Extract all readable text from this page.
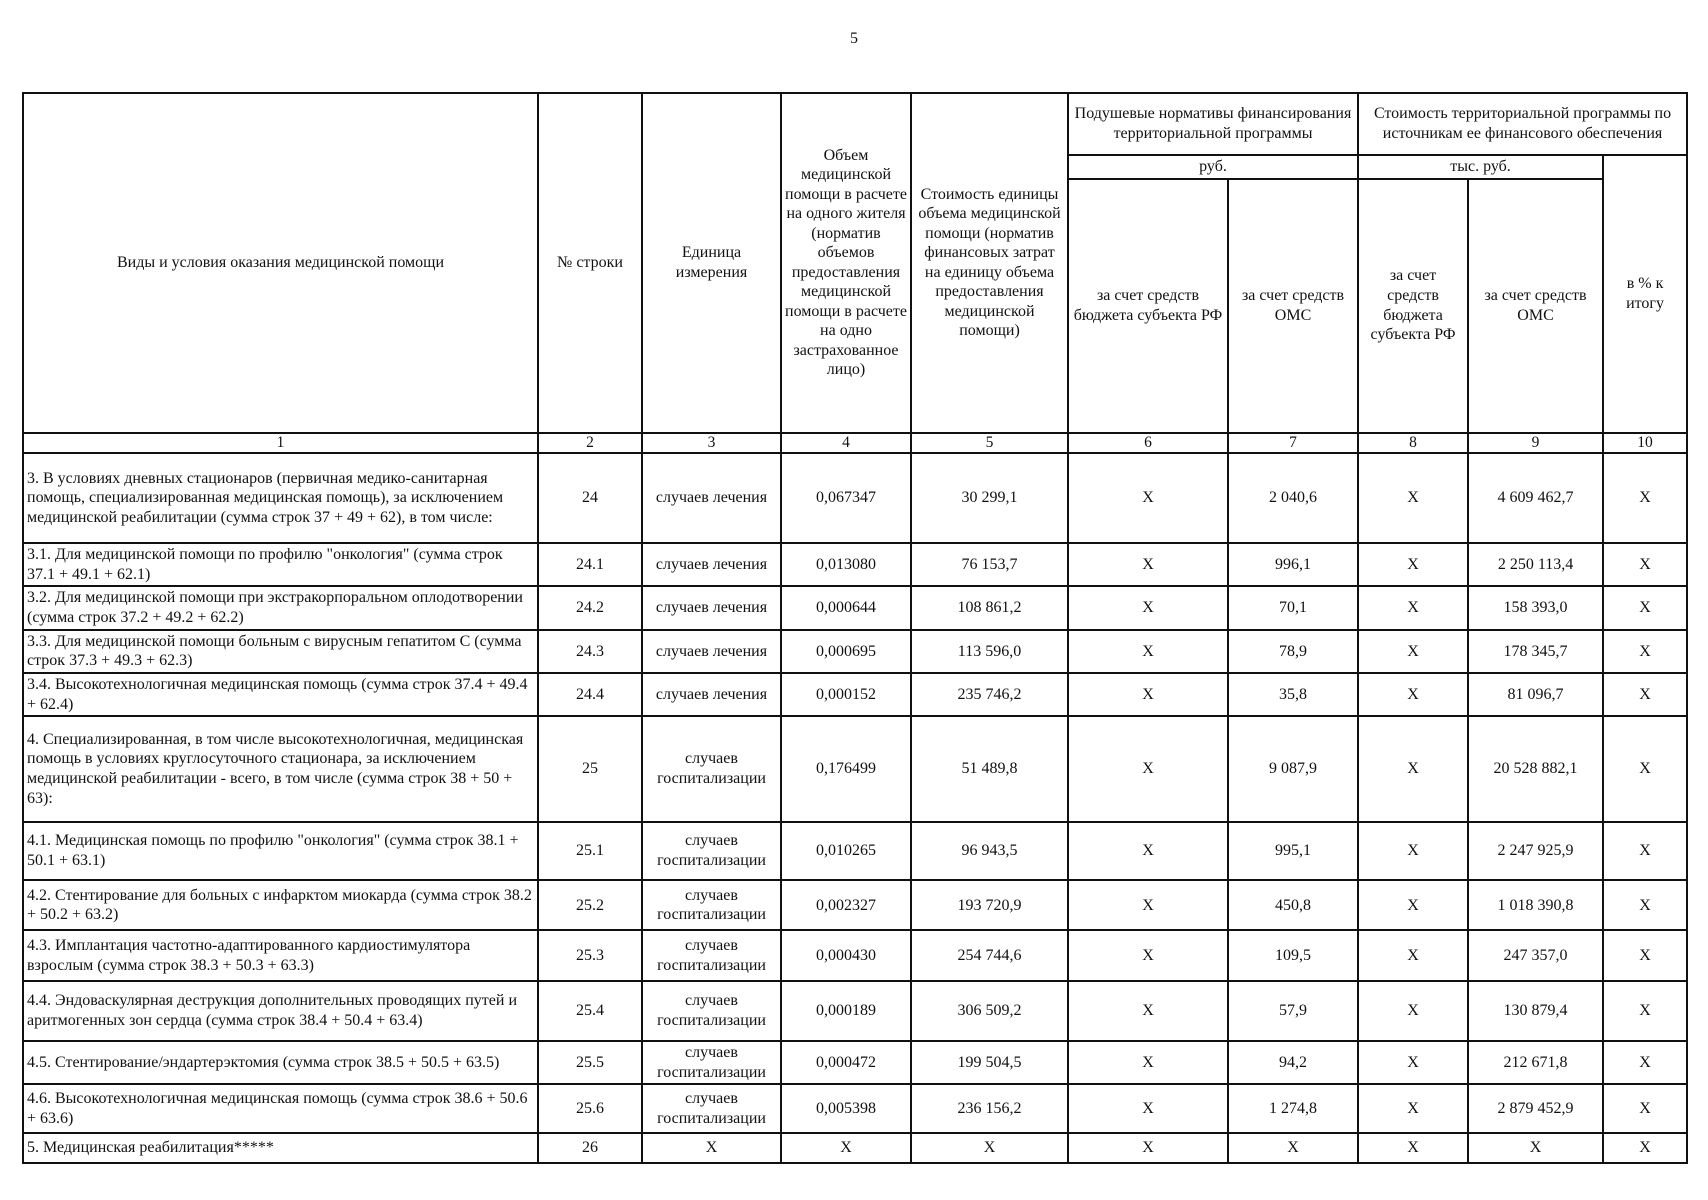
5
Виды и условия оказания медицинской помощи	№ строки	Единица измерения	Объем медицинской помощи в расчете на одного жителя (норматив объемов предоставления медицинской помощи в расчете на одно застрахованное лицо)	Стоимость единицы объема медицинской помощи (норматив финансовых затрат на единицу объема предоставления медицинской помощи)	Подушевые нормативы финансирования территориальной программы		Стоимость территориальной программы по источникам ее финансового обеспечения		
					руб.		тыс. руб.		в % к итогу
					за счет средств бюджета субъекта РФ	за счет средств ОМС	за счет средств бюджета субъекта РФ	за счет средств ОМС	
1	2	3	4	5	6	7	8	9	10
3. В условиях дневных стационаров (первичная медико-санитарная помощь, специализированная медицинская помощь), за исключением медицинской реабилитации (сумма строк 37 + 49 + 62), в том числе:	24	случаев лечения	0,067347	30 299,1	X	2 040,6	X	4 609 462,7	X
3.1. Для медицинской помощи по профилю "онкология" (сумма строк 37.1 + 49.1 + 62.1)	24.1	случаев лечения	0,013080	76 153,7	X	996,1	X	2 250 113,4	X
3.2. Для медицинской помощи при экстракорпоральном оплодотворении (сумма строк 37.2 + 49.2 + 62.2)	24.2	случаев лечения	0,000644	108 861,2	X	70,1	X	158 393,0	X
3.3. Для медицинской помощи больным с вирусным гепатитом С (сумма строк 37.3 + 49.3 + 62.3)	24.3	случаев лечения	0,000695	113 596,0	X	78,9	X	178 345,7	X
3.4. Высокотехнологичная медицинская помощь (сумма строк 37.4 + 49.4 + 62.4)	24.4	случаев лечения	0,000152	235 746,2	X	35,8	X	81 096,7	X
4. Специализированная, в том числе высокотехнологичная, медицинская помощь в условиях круглосуточного стационара, за исключением медицинской реабилитации - всего, в том числе (сумма строк 38 + 50 + 63):	25	случаев госпитализации	0,176499	51 489,8	X	9 087,9	X	20 528 882,1	X
4.1. Медицинская помощь по профилю "онкология" (сумма строк 38.1 + 50.1 + 63.1)	25.1	случаев госпитализации	0,010265	96 943,5	X	995,1	X	2 247 925,9	X
4.2. Стентирование для больных с инфарктом миокарда (сумма строк 38.2 + 50.2 + 63.2)	25.2	случаев госпитализации	0,002327	193 720,9	X	450,8	X	1 018 390,8	X
4.3. Имплантация частотно-адаптированного кардиостимулятора взрослым (сумма строк 38.3 + 50.3 + 63.3)	25.3	случаев госпитализации	0,000430	254 744,6	X	109,5	X	247 357,0	X
4.4. Эндоваскулярная деструкция дополнительных проводящих путей и аритмогенных зон сердца (сумма строк 38.4 + 50.4 + 63.4)	25.4	случаев госпитализации	0,000189	306 509,2	X	57,9	X	130 879,4	X
4.5. Стентирование/эндартерэктомия (сумма строк 38.5 + 50.5 + 63.5)	25.5	случаев госпитализации	0,000472	199 504,5	X	94,2	X	212 671,8	X
4.6. Высокотехнологичная медицинская помощь (сумма строк 38.6 + 50.6 + 63.6)	25.6	случаев госпитализации	0,005398	236 156,2	X	1 274,8	X	2 879 452,9	X
5. Медицинская реабилитация*****	26	X	X	X	X	X	X	X	X
